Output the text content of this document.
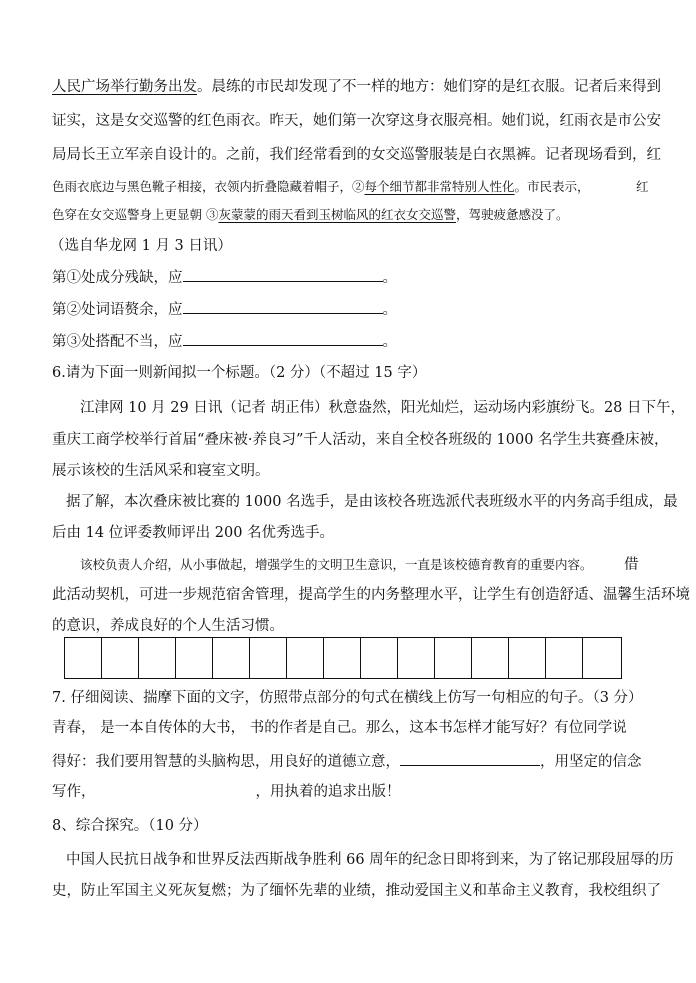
人民广场举行勤务出发。晨练的市民却发现了不一样的地方：她们穿的是红衣服。记者后来得到
证实，这是女交巡警的红色雨衣。昨天，她们第一次穿这身衣服亮相。她们说，红雨衣是市公安
局局长王立军亲自设计的。之前，我们经常看到的女交巡警服装是白衣黑裤。记者现场看到，红
色雨衣底边与黑色靴子相接，衣领内折叠隐藏着帽子，②每个细节都非常特别人性化。市民表示，	红
色穿在女交巡警身上更显朝 ③灰蒙蒙的雨天看到玉树临风的红衣女交巡警，驾驶疲惫感没了。
（选自华龙网 1 月 3 日讯）
第①处成分残缺，应	。
第②处词语赘余，应	。
第③处搭配不当，应	。
6.请为下面一则新闻拟一个标题。（2 分）（不超过 15 字）
江津网 10 月 29 日讯（记者 胡正伟）秋意盎然，阳光灿烂，运动场内彩旗纷飞。28 日下午，
重庆工商学校举行首届“叠床被·养良习”千人活动，来自全校各班级的 1000 名学生共赛叠床被，
展示该校的生活风采和寝室文明。
据了解，本次叠床被比赛的 1000 名选手，是由该校各班选派代表班级水平的内务高手组成，最
后由 14 位评委教师评出 200 名优秀选手。
该校负责人介绍，从小事做起，增强学生的文明卫生意识，一直是该校德育教育的重要内容。 借
此活动契机，可进一步规范宿舍管理，提高学生的内务整理水平，让学生有创造舒适、温馨生活环境
的意识，养成良好的个人生活习惯。
7. 仔细阅读、揣摩下面的文字，仿照带点部分的句式在横线上仿写一句相应的句子。（3 分）
青春， 是一本自传体的大书， 书的作者是自己。那么，这本书怎样才能写好？有位同学说
得好：我们要用智慧的头脑构思，用良好的道德立意，	，用坚定的信念
写作，	，用执着的追求出版！
8、综合探究。（10 分）
中国人民抗日战争和世界反法西斯战争胜利 66 周年的纪念日即将到来，为了铭记那段屈辱的历
史，防止军国主义死灰复燃；为了缅怀先辈的业绩，推动爱国主义和革命主义教育，我校组织了
